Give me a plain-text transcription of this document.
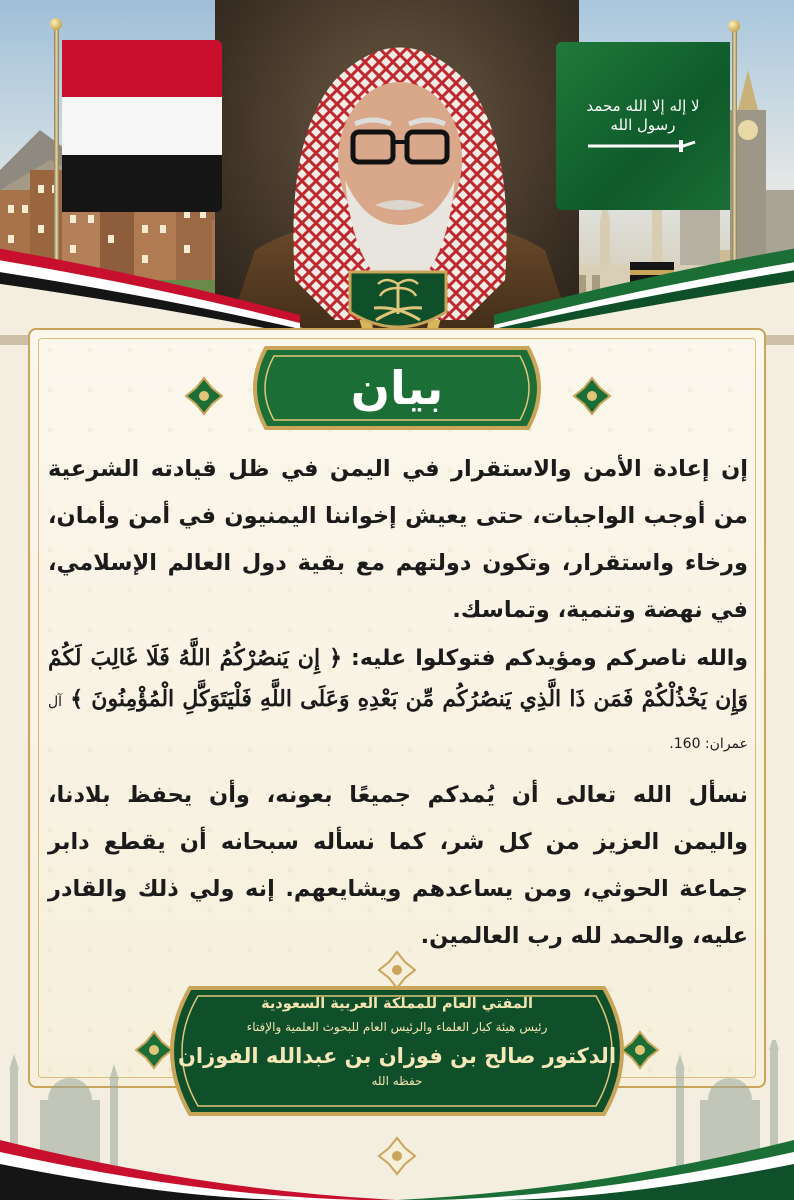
لا إله إلا الله محمد رسول الله
بيان

إن إعادة الأمن والاستقرار في اليمن في ظل قيادته الشرعية من أوجب الواجبات، حتى يعيش إخواننا اليمنيون في أمن وأمان، ورخاء واستقرار، وتكون دولتهم مع بقية دول العالم الإسلامي، في نهضة وتنمية، وتماسك.

والله ناصركم ومؤيدكم فتوكلوا عليه: ﴿ إِن يَنصُرْكُمُ اللَّهُ فَلَا غَالِبَ لَكُمْ وَإِن يَخْذُلْكُمْ فَمَن ذَا الَّذِي يَنصُرُكُم مِّن بَعْدِهِ وَعَلَى اللَّهِ فَلْيَتَوَكَّلِ الْمُؤْمِنُونَ ﴾ آل عمران: 160.

نسأل الله تعالى أن يُمدكم جميعًا بعونه، وأن يحفظ بلادنا، واليمن العزيز من كل شر، كما نسأله سبحانه أن يقطع دابر جماعة الحوثي، ومن يساعدهم ويشايعهم. إنه ولي ذلك والقادر عليه، والحمد لله رب العالمين.

المفتي العام للمملكة العربية السعودية
رئيس هيئة كبار العلماء والرئيس العام للبحوث العلمية والإفتاء
الدكتور صالح بن فوزان بن عبدالله الفوزان
حفظه الله
